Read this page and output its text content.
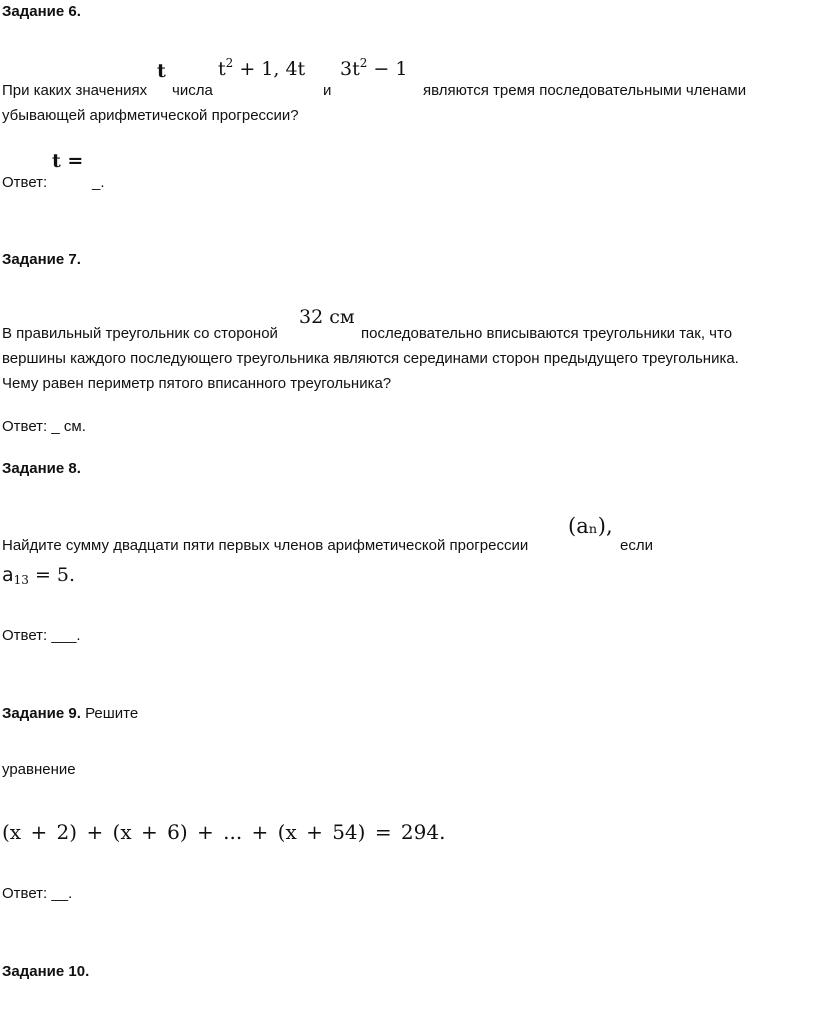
Задание 6.
t	$t^2 + 1$, 4t $3t^2 - 1$
При каких значениях числа	и	являются тремя последовательными членами
убывающей арифметической прогрессии?
t =
Ответ:	_.
Задание 7.
32 см
В правильный треугольник со стороной	последовательно вписываются треугольники так, что
вершины каждого последующего треугольника являются серединами сторон предыдущего треугольника.
Чему равен периметр пятого вписанного треугольника?
Ответ: _ см.
Задание 8.
(aₙ),
Найдите сумму двадцати пяти первых членов арифметической прогрессии	если
$a_{13} = 5$.
Ответ: ___.
Задание 9. Решите
уравнение
(x + 2) + (x + 6) + ... + (x + 54) = 294.
Ответ: __.
Задание 10.
